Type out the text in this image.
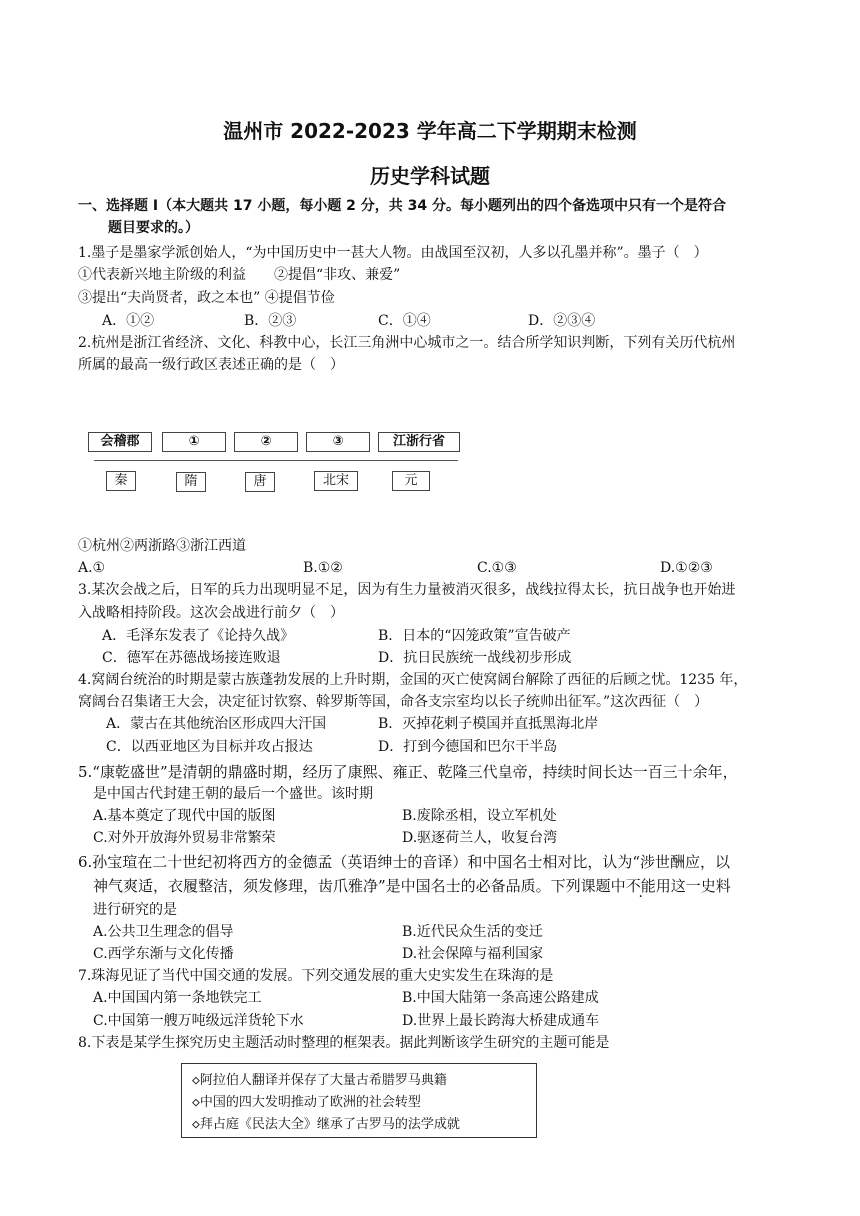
温州市 2022-2023 学年高二下学期期末检测
历史学科试题
一、选择题 I（本大题共 17 小题，每小题 2 分，共 34 分。每小题列出的四个备选项中只有一个是符合
题目要求的。）
1.墨子是墨家学派创始人，“为中国历史中一甚大人物。由战国至汉初，人多以孔墨并称”。墨子（　）
①代表新兴地主阶级的利益　　②提倡“非攻、兼爱”
③提出“夫尚贤者，政之本也” ④提倡节俭
A．①②	B．②③	C．①④	D．②③④
2.杭州是浙江省经济、文化、科教中心，长江三角洲中心城市之一。结合所学知识判断，下列有关历代杭州
所属的最高一级行政区表述正确的是（　）
会稽郡	①	②	③	江浙行省
秦	隋	唐	北宋	元
①杭州②两浙路③浙江西道
A.①	B.①②	C.①③	D.①②③
3.某次会战之后，日军的兵力出现明显不足，因为有生力量被消灭很多，战线拉得太长，抗日战争也开始进
入战略相持阶段。这次会战进行前夕（　）
A．毛泽东发表了《论持久战》	B．日本的“囚笼政策”宣告破产
C．德军在苏德战场接连败退	D．抗日民族统一战线初步形成
4.窝阔台统治的时期是蒙古族蓬勃发展的上升时期，金国的灭亡使窝阔台解除了西征的后顾之忧。1235 年，
窝阔台召集诸王大会，决定征讨钦察、斡罗斯等国，命各支宗室均以长子统帅出征军。”这次西征（　）
A．蒙古在其他统治区形成四大汗国	B．灭掉花剌子模国并直抵黑海北岸
C．以西亚地区为目标并攻占报达	D．打到今德国和巴尔干半岛
5.“康乾盛世”是清朝的鼎盛时期，经历了康熙、雍正、乾隆三代皇帝，持续时间长达一百三十余年，
是中国古代封建王朝的最后一个盛世。该时期
A.基本奠定了现代中国的版图	B.废除丞相，设立军机处
C.对外开放海外贸易非常繁荣	D.驱逐荷兰人，收复台湾
6.孙宝瑄在二十世纪初将西方的金德孟（英语绅士的音译）和中国名士相对比，认为“涉世酬应，以
神气爽适，衣履整洁，须发修理，齿爪雅净”是中国名士的必备品质。下列课题中不能用这一史料
进行研究的是
A.公共卫生理念的倡导	B.近代民众生活的变迁
C.西学东渐与文化传播	D.社会保障与福利国家
7.珠海见证了当代中国交通的发展。下列交通发展的重大史实发生在珠海的是
A.中国国内第一条地铁完工	B.中国大陆第一条高速公路建成
C.中国第一艘万吨级远洋货轮下水	D.世界上最长跨海大桥建成通车
8.下表是某学生探究历史主题活动时整理的框架表。据此判断该学生研究的主题可能是
◇阿拉伯人翻译并保存了大量古希腊罗马典籍
◇中国的四大发明推动了欧洲的社会转型
◇拜占庭《民法大全》继承了古罗马的法学成就
